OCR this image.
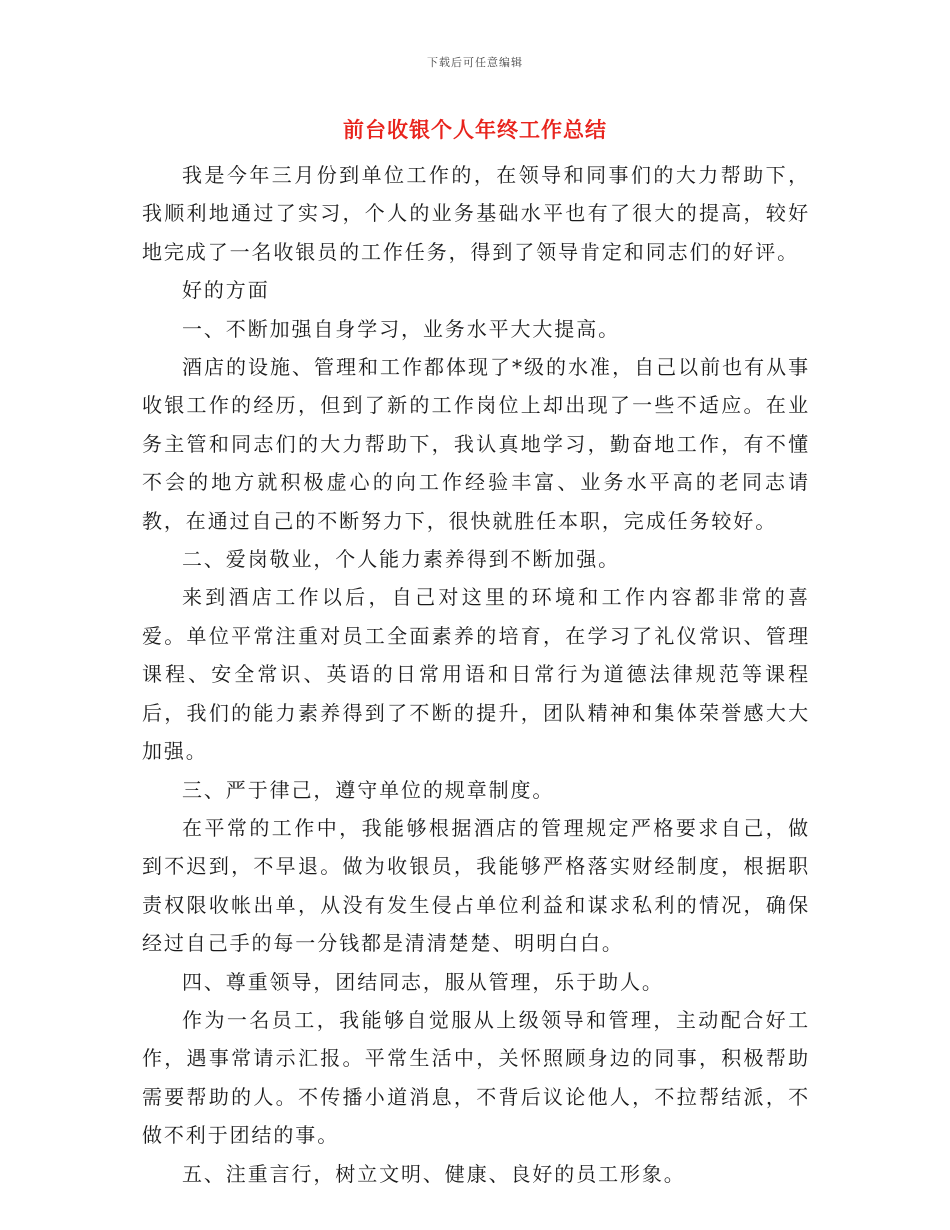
下载后可任意编辑
前台收银个人年终工作总结

我是今年三月份到单位工作的，在领导和同事们的大力帮助下，我顺利地通过了实习，个人的业务基础水平也有了很大的提高，较好地完成了一名收银员的工作任务，得到了领导肯定和同志们的好评。

好的方面

一、不断加强自身学习，业务水平大大提高。

酒店的设施、管理和工作都体现了*级的水准，自己以前也有从事收银工作的经历，但到了新的工作岗位上却出现了一些不适应。在业务主管和同志们的大力帮助下，我认真地学习，勤奋地工作，有不懂不会的地方就积极虚心的向工作经验丰富、业务水平高的老同志请教，在通过自己的不断努力下，很快就胜任本职，完成任务较好。

二、爱岗敬业，个人能力素养得到不断加强。

来到酒店工作以后，自己对这里的环境和工作内容都非常的喜爱。单位平常注重对员工全面素养的培育，在学习了礼仪常识、管理课程、安全常识、英语的日常用语和日常行为道德法律规范等课程后，我们的能力素养得到了不断的提升，团队精神和集体荣誉感大大加强。

三、严于律己，遵守单位的规章制度。

在平常的工作中，我能够根据酒店的管理规定严格要求自己，做到不迟到，不早退。做为收银员，我能够严格落实财经制度，根据职责权限收帐出单，从没有发生侵占单位利益和谋求私利的情况，确保经过自己手的每一分钱都是清清楚楚、明明白白。

四、尊重领导，团结同志，服从管理，乐于助人。

作为一名员工，我能够自觉服从上级领导和管理，主动配合好工作，遇事常请示汇报。平常生活中，关怀照顾身边的同事，积极帮助需要帮助的人。不传播小道消息，不背后议论他人，不拉帮结派，不做不利于团结的事。

五、注重言行，树立文明、健康、良好的员工形象。
